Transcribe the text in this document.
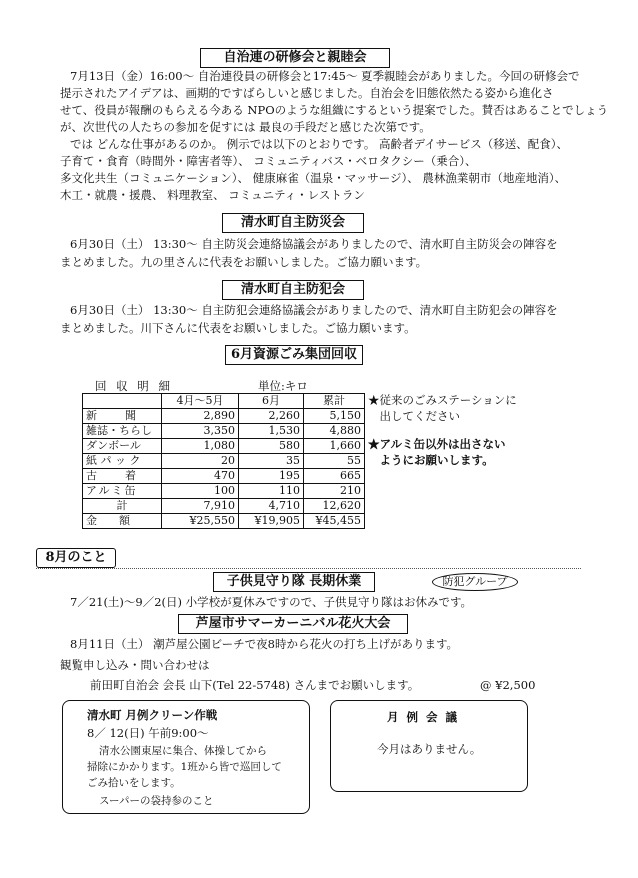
自治連の研修会と親睦会
7月13日（金）16:00～ 自治連役員の研修会と17:45～ 夏季親睦会がありました。今回の研修会で
提示されたアイデアは、画期的ですばらしいと感じました。自治会を旧態依然たる姿から進化さ
せて、役員が報酬のもらえる今ある NPOのような組織にするという提案でした。賛否はあることでしょう
が、次世代の人たちの参加を促すには 最良の手段だと感じた次第です。
では どんな仕事があるのか。 例示では以下のとおりです。 高齢者デイサービス（移送、配食）、
子育て・食育（時間外・障害者等）、 コミュニティバス・ベロタクシー（乗合）、
多文化共生（コミュニケーション）、 健康麻雀（温泉・マッサージ）、 農林漁業朝市（地産地消）、
木工・就農・援農、 料理教室、 コミュニティ・レストラン
清水町自主防災会
6月30日（土） 13:30～ 自主防災会連絡協議会がありましたので、清水町自主防災会の陣容を
まとめました。九の里さんに代表をお願いしました。ご協力願います。
清水町自主防犯会
6月30日（土） 13:30～ 自主防犯会連絡協議会がありましたので、清水町自主防犯会の陣容を
まとめました。川下さんに代表をお願いしました。ご協力願います。
6月資源ごみ集団回収
回 収 明 細	単位:キロ
	4月～5月	6月	累計
新　　聞	2,890	2,260	5,150
雑誌・ちらし	3,350	1,530	4,880
ダンボール	1,080	580	1,660
紙 パ ッ ク	20	35	55
古　　着	470	195	665
アルミ缶	100	110	210
計	7,910	4,710	12,620
金　　額	¥25,550	¥19,905	¥45,455
★従来のごみステーションに
　出してください
★アルミ缶以外は出さない
　ようにお願いします。
8月のこと
子供見守り隊 長期休業	防犯グループ
7／21(土)～9／2(日) 小学校が夏休みですので、子供見守り隊はお休みです。
芦屋市サマーカーニバル花火大会
8月11日（土） 潮芦屋公園ビーチで夜8時から花火の打ち上げがあります。
観覧申し込み・問い合わせは
前田町自治会 会長 山下(Tel 22-5748) さんまでお願いします。	@ ¥2,500
清水町 月例クリーン作戦
8／ 12(日) 午前9:00～
清水公園東屋に集合、体操してから
掃除にかかります。1班から皆で巡回して
ごみ拾いをします。
スーパーの袋持参のこと
月 例 会 議
今月はありません。
